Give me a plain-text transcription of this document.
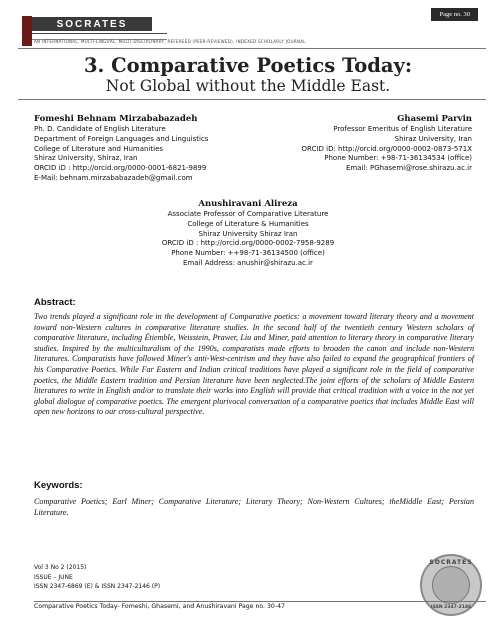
SOCRATES
AN INTERNATIONAL, MULTI-LINGUAL, MULTI-DISCIPLINARY, REFEREED (PEER-REVIEWED), INDEXED SCHOLARLY JOURNAL
Page no. 30
3. Comparative Poetics Today:
Not Global without the Middle East.
Fomeshi Behnam Mirzababazadeh
Ph. D. Candidate of English Literature
Department of Foreign Languages and Linguistics
College of Literature and Humanities
Shiraz University, Shiraz, Iran
ORCID iD : http://orcid.org/0000-0001-6821-9899
E-Mail: behnam.mirzababazadeh@gmail.com
Ghasemi Parvin
Professor Emeritus of English Literature
Shiraz University, Iran
ORCID iD: http://orcid.org/0000-0002-0873-571X
Phone Number: +98-71-36134534 (office)
Email: PGhasemi@rose.shirazu.ac.ir
Anushiravani Alireza
Associate Professor of Comparative Literature
College of Literature & Humanities
Shiraz University Shiraz Iran
ORCID iD : http://orcid.org/0000-0002-7958-9289
Phone Number: ++98-71-36134500 (office)
Email Address: anushir@shirazu.ac.ir
Abstract:
Two trends played a significant role in the development of Comparative poetics: a movement toward literary theory and a movement toward non-Western cultures in comparative literature studies. In the second half of the twentieth century Western scholars of comparative literature, including Étiemble, Weisstein, Prawer, Liu and Miner, paid attention to literary theory in comparative literary studies. Inspired by the multiculturalism of the 1990s, comparatists made efforts to broaden the canon and include non-Western literatures. Comparatists have followed Miner's anti-West-centrism and they have also failed to expand the geographical frontiers of his Comparative Poetics. While Far Eastern and Indian critical traditions have played a significant role in the field of comparative poetics, the Middle Eastern tradition and Persian literature have been neglected.The joint efforts of the scholars of Middle Eastern literatures to write in English and/or to translate their works into English will provide that critical tradition with a voice in the not yet global dialogue of comparative poetics. The emergent plurivocal conversation of a comparative poetics that includes Middle East will open new horizons to our cross-cultural perspective.
Keywords:
Comparative Poetics; Earl Miner; Comparative Literature; Literary Theory; Non-Western Cultures; theMiddle East; Persian Literature.
Vol 3 No 2 (2015)
ISSUE – JUNE
ISSN 2347-6869 (E) & ISSN 2347-2146 (P)
SOCRATES
ISSN 2347-2146
Comparative Poetics Today- Fomeshi, Ghasemi, and Anushiravani Page no. 30-47
